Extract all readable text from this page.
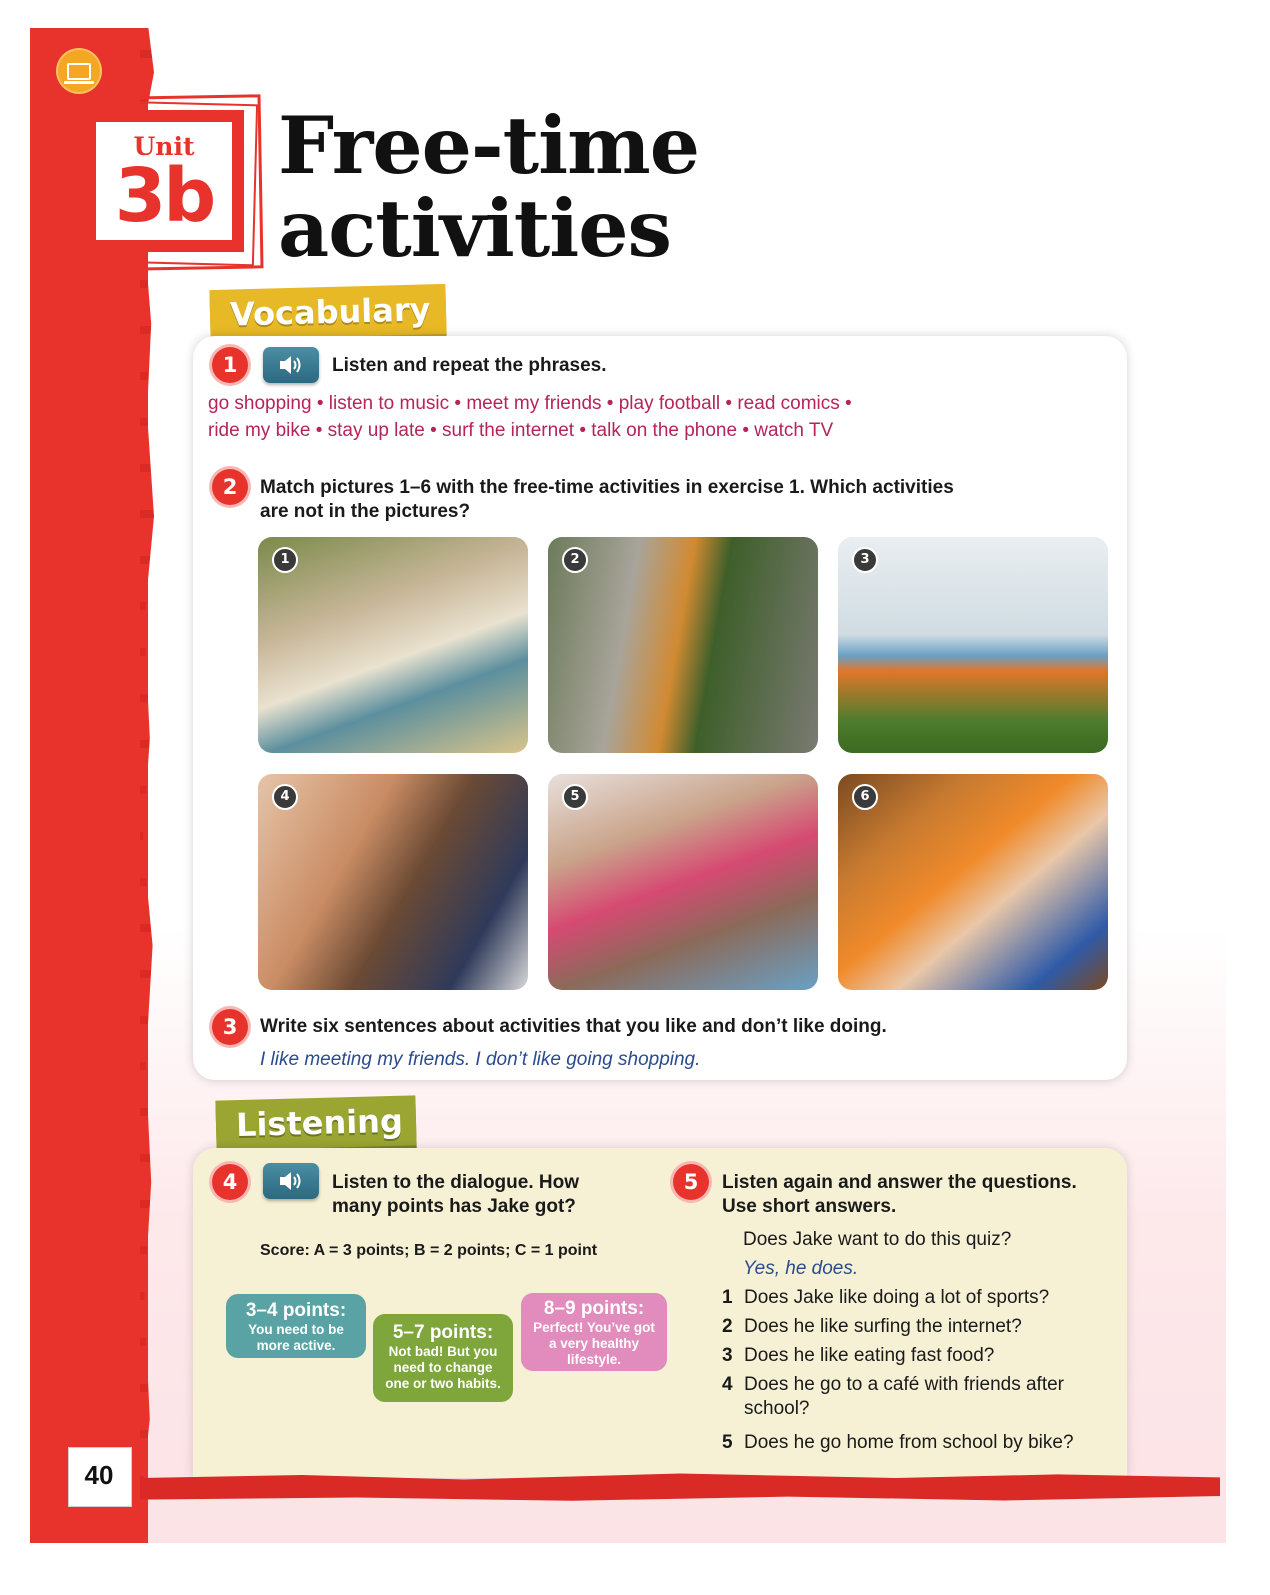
Unit
3b
Free-time
activities
Vocabulary
1	Listen and repeat the phrases.

go shopping • listen to music • meet my friends • play football • read comics •
ride my bike • stay up late • surf the internet • talk on the phone • watch TV
2	Match pictures 1–6 with the free-time activities in exercise 1. Which activities
are not in the pictures?

1	2	3
4	5	6
3	Write six sentences about activities that you like and don’t like doing.

I like meeting my friends. I don’t like going shopping.
Listening
4	Listen to the dialogue. How
many points has Jake got?

Score: A = 3 points; B = 2 points; C = 1 point
3–4 points:
You need to be
more active.
5–7 points:
Not bad! But you
need to change
one or two habits.
8–9 points:
Perfect! You’ve got
a very healthy
lifestyle.
5	Listen again and answer the questions.
Use short answers.

Does Jake want to do this quiz?
Yes, he does.
1 Does Jake like doing a lot of sports?
2 Does he like surfing the internet?
3 Does he like eating fast food?
4 Does he go to a café with friends after
school?
5 Does he go home from school by bike?
40
